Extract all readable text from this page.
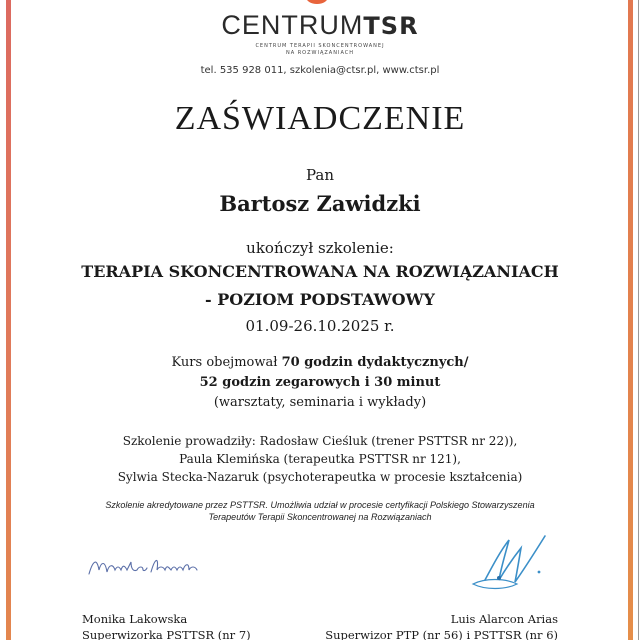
CENTRUMTSR
CENTRUM TERAPII SKONCENTROWANEJ
NA ROZWIĄZANIACH
tel. 535 928 011, szkolenia@ctsr.pl, www.ctsr.pl
ZAŚWIADCZENIE
Pan
Bartosz Zawidzki
ukończył szkolenie:
TERAPIA SKONCENTROWANA NA ROZWIĄZANIACH
- POZIOM PODSTAWOWY
01.09-26.10.2025 r.
Kurs obejmował 70 godzin dydaktycznych/
52 godzin zegarowych i 30 minut
(warsztaty, seminaria i wykłady)
Szkolenie prowadziły: Radosław Cieśluk (trener PSTTSR nr 22)),
Paula Klemińska (terapeutka PSTTSR nr 121),
Sylwia Stecka-Nazaruk (psychoterapeutka w procesie kształcenia)
Szkolenie akredytowane przez PSTTSR. Umożliwia udział w procesie certyfikacji Polskiego Stowarzyszenia
Terapeutów Terapii Skoncentrowanej na Rozwiązaniach
Monika Lakowska
Superwizorka PSTTSR (nr 7)
Luis Alarcon Arias
Superwizor PTP (nr 56) i PSTTSR (nr 6)
